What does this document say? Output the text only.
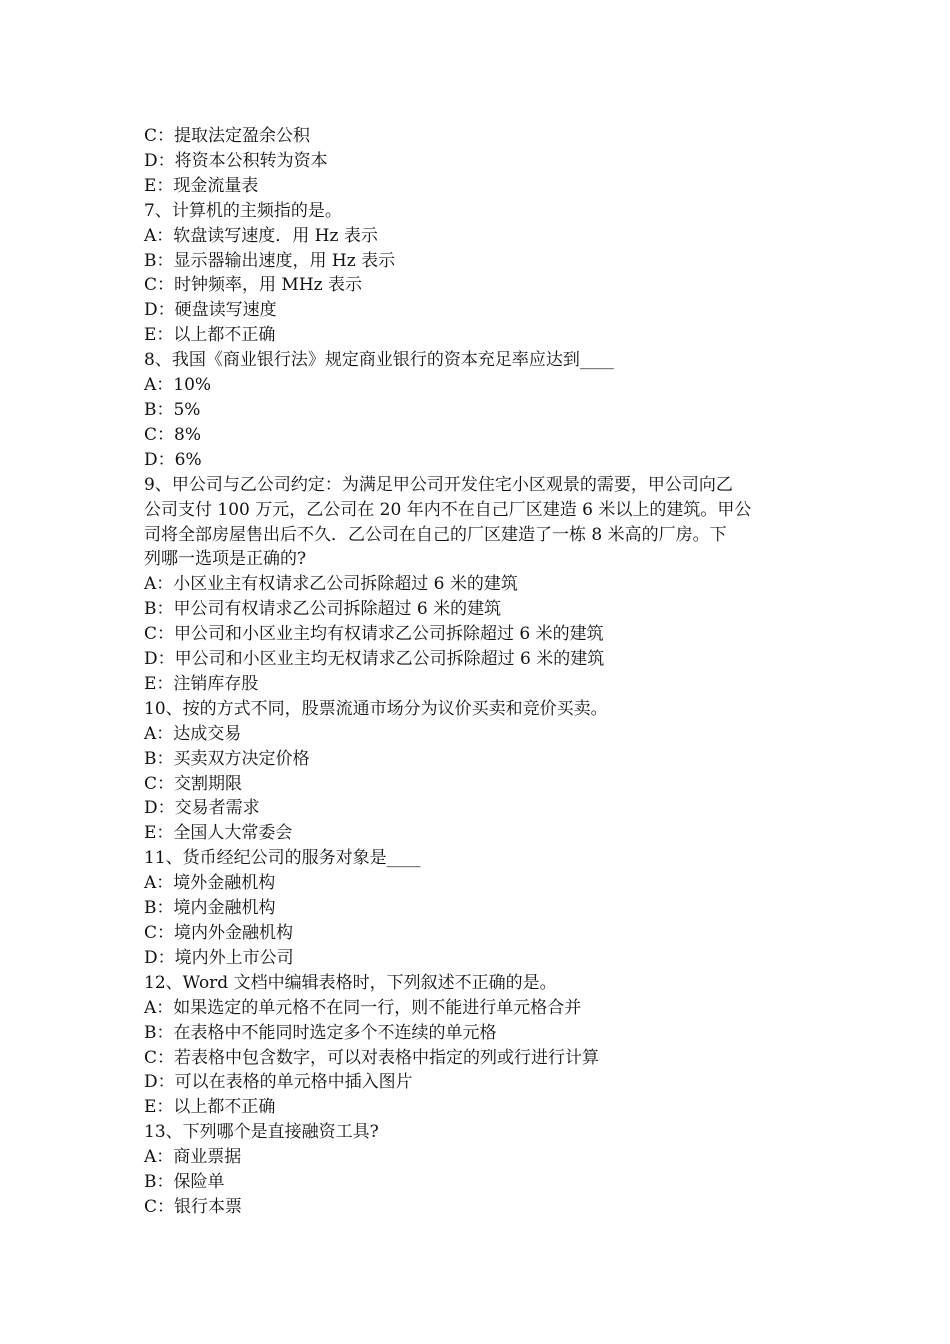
C：提取法定盈余公积

D：将资本公积转为资本

E：现金流量表

7、计算机的主频指的是。

A：软盘读写速度．用 Hz 表示

B：显示器输出速度，用 Hz 表示

C：时钟频率，用 MHz 表示

D：硬盘读写速度

E：以上都不正确

8、我国《商业银行法》规定商业银行的资本充足率应达到____

A：10%

B：5%

C：8%

D：6%

9、甲公司与乙公司约定：为满足甲公司开发住宅小区观景的需要，甲公司向乙

公司支付 100 万元，乙公司在 20 年内不在自己厂区建造 6 米以上的建筑。甲公

司将全部房屋售出后不久．乙公司在自己的厂区建造了一栋 8 米高的厂房。下

列哪一选项是正确的?

A：小区业主有权请求乙公司拆除超过 6 米的建筑

B：甲公司有权请求乙公司拆除超过 6 米的建筑

C：甲公司和小区业主均有权请求乙公司拆除超过 6 米的建筑

D：甲公司和小区业主均无权请求乙公司拆除超过 6 米的建筑

E：注销库存股

10、按的方式不同，股票流通市场分为议价买卖和竞价买卖。

A：达成交易

B：买卖双方决定价格

C：交割期限

D：交易者需求

E：全国人大常委会

11、货币经纪公司的服务对象是____

A：境外金融机构

B：境内金融机构

C：境内外金融机构

D：境内外上市公司

12、Word 文档中编辑表格时，下列叙述不正确的是。

A：如果选定的单元格不在同一行，则不能进行单元格合并

B：在表格中不能同时选定多个不连续的单元格

C：若表格中包含数字，可以对表格中指定的列或行进行计算

D：可以在表格的单元格中插入图片

E：以上都不正确

13、下列哪个是直接融资工具?

A：商业票据

B：保险单

C：银行本票
